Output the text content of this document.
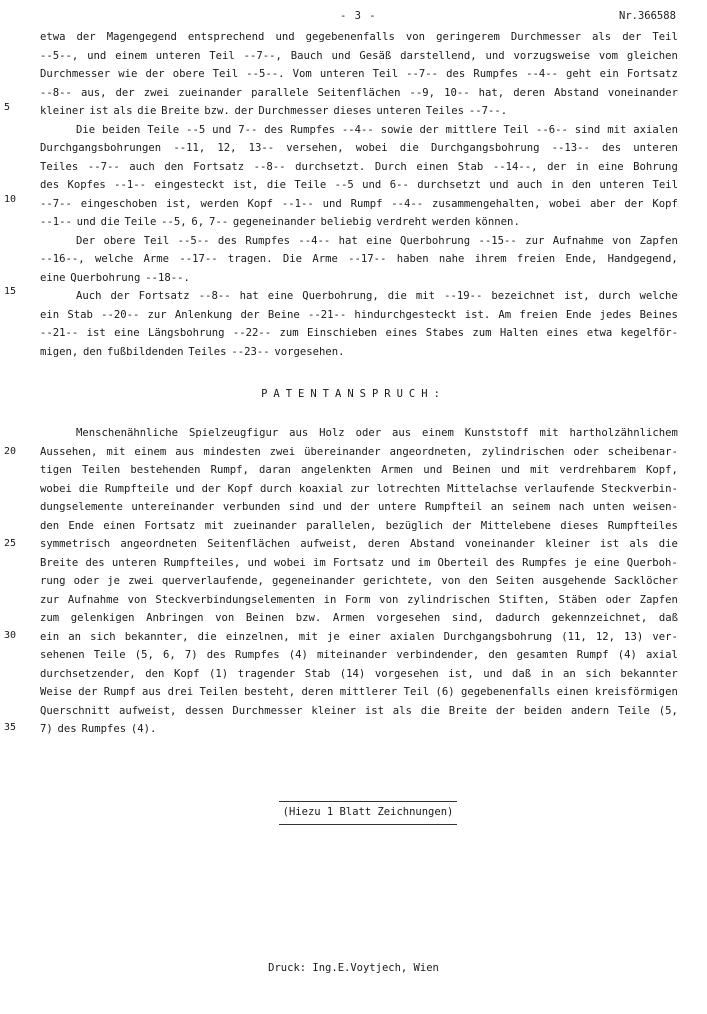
- 3 -	Nr.366588
etwa der Magengegend entsprechend und gegebenenfalls von geringerem Durchmesser als der Teil
--5--, und einem unteren Teil --7--, Bauch und Gesäß darstellend, und vorzugsweise vom gleichen
Durchmesser wie der obere Teil --5--. Vom unteren Teil --7-- des Rumpfes --4-- geht ein Fortsatz
--8-- aus, der zwei zueinander parallele Seitenflächen --9, 10-- hat, deren Abstand voneinander
kleiner ist als die Breite bzw. der Durchmesser dieses unteren Teiles --7--.
Die beiden Teile --5 und 7-- des Rumpfes --4-- sowie der mittlere Teil --6-- sind mit axialen
Durchgangsbohrungen --11, 12, 13-- versehen, wobei die Durchgangsbohrung --13-- des unteren
Teiles --7-- auch den Fortsatz --8-- durchsetzt. Durch einen Stab --14--, der in eine Bohrung
des Kopfes --1-- eingesteckt ist, die Teile --5 und 6-- durchsetzt und auch in den unteren Teil
--7-- eingeschoben ist, werden Kopf --1-- und Rumpf --4-- zusammengehalten, wobei aber der Kopf
--1-- und die Teile --5, 6, 7-- gegeneinander beliebig verdreht werden können.
Der obere Teil --5-- des Rumpfes --4-- hat eine Querbohrung --15-- zur Aufnahme von Zapfen
--16--, welche Arme --17-- tragen. Die Arme --17-- haben nahe ihrem freien Ende, Handgegend,
eine Querbohrung --18--.
Auch der Fortsatz --8-- hat eine Querbohrung, die mit --19-- bezeichnet ist, durch welche
ein Stab --20-- zur Anlenkung der Beine --21-- hindurchgesteckt ist. Am freien Ende jedes Beines
--21-- ist eine Längsbohrung --22-- zum Einschieben eines Stabes zum Halten eines etwa kegelför-
migen, den fußbildenden Teiles --23-- vorgesehen.
PATENTANSPRUCH:
Menschenähnliche Spielzeugfigur aus Holz oder aus einem Kunststoff mit hartholzähnlichem
Aussehen, mit einem aus mindesten zwei übereinander angeordneten, zylindrischen oder scheibenar-
tigen Teilen bestehenden Rumpf, daran angelenkten Armen und Beinen und mit verdrehbarem Kopf,
wobei die Rumpfteile und der Kopf durch koaxial zur lotrechten Mittelachse verlaufende Steckverbin-
dungselemente untereinander verbunden sind und der untere Rumpfteil an seinem nach unten weisen-
den Ende einen Fortsatz mit zueinander parallelen, bezüglich der Mittelebene dieses Rumpfteiles
symmetrisch angeordneten Seitenflächen aufweist, deren Abstand voneinander kleiner ist als die
Breite des unteren Rumpfteiles, und wobei im Fortsatz und im Oberteil des Rumpfes je eine Querboh-
rung oder je zwei querverlaufende, gegeneinander gerichtete, von den Seiten ausgehende Sacklöcher
zur Aufnahme von Steckverbindungselementen in Form von zylindrischen Stiften, Stäben oder Zapfen
zum gelenkigen Anbringen von Beinen bzw. Armen vorgesehen sind, dadurch gekennzeichnet, daß
ein an sich bekannter, die einzelnen, mit je einer axialen Durchgangsbohrung (11, 12, 13) ver-
sehenen Teile (5, 6, 7) des Rumpfes (4) miteinander verbindender, den gesamten Rumpf (4) axial
durchsetzender, den Kopf (1) tragender Stab (14) vorgesehen ist, und daß in an sich bekannter
Weise der Rumpf aus drei Teilen besteht, deren mittlerer Teil (6) gegebenenfalls einen kreisförmigen
Querschnitt aufweist, dessen Durchmesser kleiner ist als die Breite der beiden andern Teile (5,
7) des Rumpfes (4).
5
10
15
20
25
30
35
(Hiezu 1 Blatt Zeichnungen)
Druck: Ing.E.Voytjech, Wien
